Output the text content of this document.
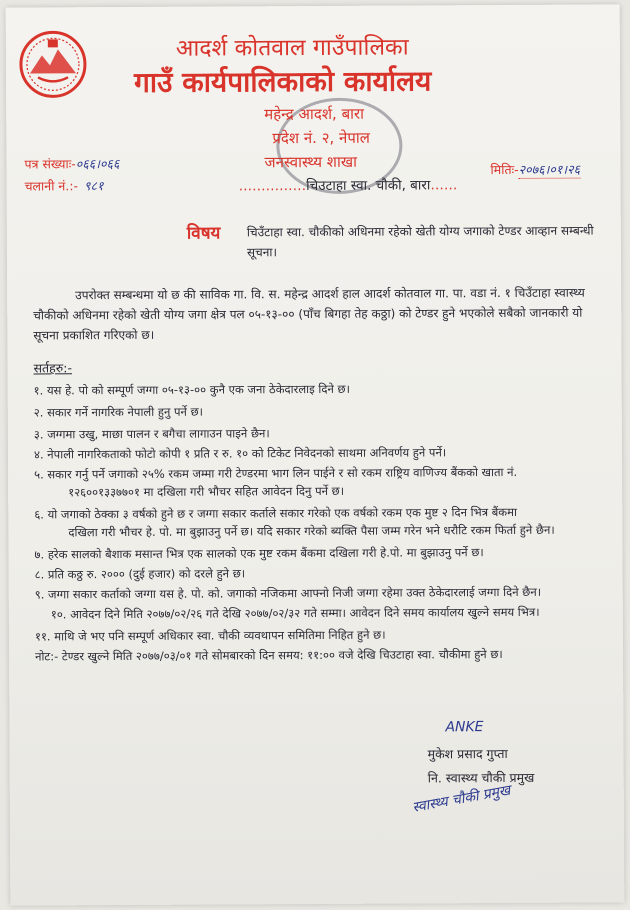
आदर्श कोतवाल गाउँपालिका
गाउँ कार्यपालिकाको कार्यालय
महेन्द्र आदर्श, बारा
प्रदेश नं. २, नेपाल
जनस्वास्थ्य शाखा
……………चिउटाहा स्वा. चौकी, बारा……
पत्र संख्याः-०६६।०६६
चलानी नं.:- ९८१
मितिः-२०७६।०१।२६
विषय चिउँटाहा स्वा. चौकीको अधिनमा रहेको खेती योग्य जगाको टेण्डर आव्हान सम्बन्धी सूचना।
उपरोक्त सम्बन्धमा यो छ की साविक गा. वि. स. महेन्द्र आदर्श हाल आदर्श कोतवाल गा. पा. वडा नं. १ चिउँटाहा स्वास्थ्य चौकीको अधिनमा रहेको खेती योग्य जगा क्षेत्र पल ०५-१३-०० (पाँच बिगहा तेह कठ्ठा) को टेण्डर हुने भएकोले सबैको जानकारी यो सूचना प्रकाशित गरिएको छ।
सर्तहरु:-
१. यस हे. पो को सम्पूर्ण जग्गा ०५-१३-०० कुनै एक जना ठेकेदारलाइ दिने छ।
२. सकार गर्ने नागरिक नेपाली हुनु पर्ने छ।
३. जग्गमा उखु, माछा पालन र बगैचा लागाउन पाइने छैन।
४. नेपाली नागरिकताको फोटो कोपी १ प्रति र रु. १० को टिकेट निवेदनको साथमा अनिवर्णय हुने पर्ने।
५. सकार गर्नु पर्ने जगाको २५% रकम जम्मा गरी टेण्डरमा भाग लिन पाईने र सो रकम राष्ट्रिय वाणिज्य बैंकको खाता नं.
१२६००१३३७७०१ मा दखिला गरी भौचर सहित आवेदन दिनु पर्ने छ।
६. यो जगाको ठेक्का ३ वर्षको हुने छ र जग्गा सकार कर्ताले सकार गरेको एक वर्षको रकम एक मुष्ट २ दिन भित्र बैंकमा
दखिला गरी भौचर हे. पो. मा बुझाउनु पर्ने छ। यदि सकार गरेको ब्यक्ति पैसा जम्म गरेन भने धरौटि रकम फिर्ता हुने छैन।
७. हरेक सालको बैशाक मसान्त भित्र एक सालको एक मुष्ट रकम बैंकमा दखिला गरी हे.पो. मा बुझाउनु पर्ने छ।
८. प्रति कठ्ठ रु. २००० (दुई हजार) को दरले हुने छ।
९. जग्गा सकार कर्ताको जग्गा यस हे. पो. को. जगाको नजिकमा आफ्नो निजी जग्गा रहेमा उक्त ठेकेदारलाई जग्गा दिने छैन।
१०. आवेदन दिने मिति २०७७/०२/२६ गते देखि २०७७/०२/३२ गते सम्मा। आवेदन दिने समय कार्यालय खुल्ने समय भित्र।
११. माथि जे भए पनि सम्पूर्ण अधिकार स्वा. चौकी व्यवथापन समितिमा निहित हुने छ।
नोट:- टेण्डर खुल्ने मिति २०७७/०३/०१ गते सोमबारको दिन समय: ११:०० वजे देखि चिउटाहा स्वा. चौकीमा हुने छ।
ANKE
मुकेश प्रसाद गुप्ता
नि. स्वास्थ्य चौकी प्रमुख
स्वास्थ्य चौकी प्रमुख
